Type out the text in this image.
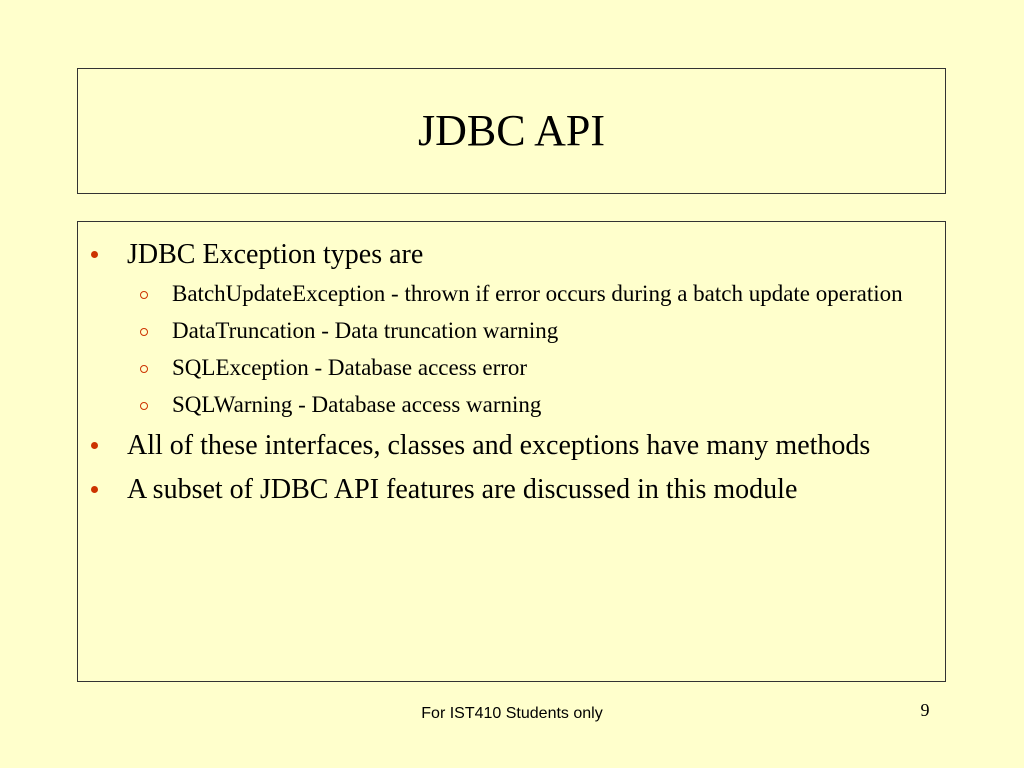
JDBC API
JDBC Exception types are
BatchUpdateException - thrown if error occurs during a batch update operation
DataTruncation - Data truncation warning
SQLException - Database access error
SQLWarning - Database access warning
All of these interfaces, classes and exceptions have many methods
A subset of JDBC API features are discussed in this module
For IST410 Students only	9
